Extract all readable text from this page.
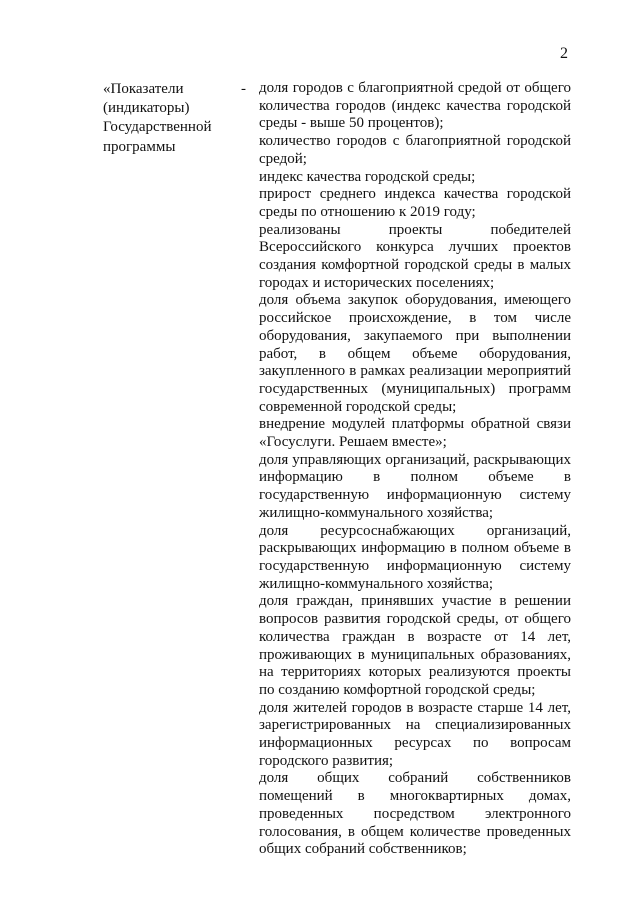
2
«Показатели
(индикаторы)
Государственной
программы
- доля городов с благоприятной средой от общего количества городов (индекс качества городской среды - выше 50 процентов);

количество городов с благоприятной городской средой;

индекс качества городской среды;

прирост среднего индекса качества городской среды по отношению к 2019 году;

реализованы проекты победителей Всероссийского конкурса лучших проектов создания комфортной городской среды в малых городах и исторических поселениях;

доля объема закупок оборудования, имеющего российское происхождение, в том числе оборудования, закупаемого при выполнении работ, в общем объеме оборудования, закупленного в рамках реализации мероприятий государственных (муниципальных) программ современной городской среды;

внедрение модулей платформы обратной связи «Госуслуги. Решаем вместе»;

доля управляющих организаций, раскрывающих информацию в полном объеме в государственную информационную систему жилищно-коммунального хозяйства;

доля ресурсоснабжающих организаций, раскрывающих информацию в полном объеме в государственную информационную систему жилищно-коммунального хозяйства;

доля граждан, принявших участие в решении вопросов развития городской среды, от общего количества граждан в возрасте от 14 лет, проживающих в муниципальных образованиях, на территориях которых реализуются проекты по созданию комфортной городской среды;

доля жителей городов в возрасте старше 14 лет, зарегистрированных на специализированных информационных ресурсах по вопросам городского развития;

доля общих собраний собственников помещений в многоквартирных домах, проведенных посредством электронного голосования, в общем количестве проведенных общих собраний собственников;
